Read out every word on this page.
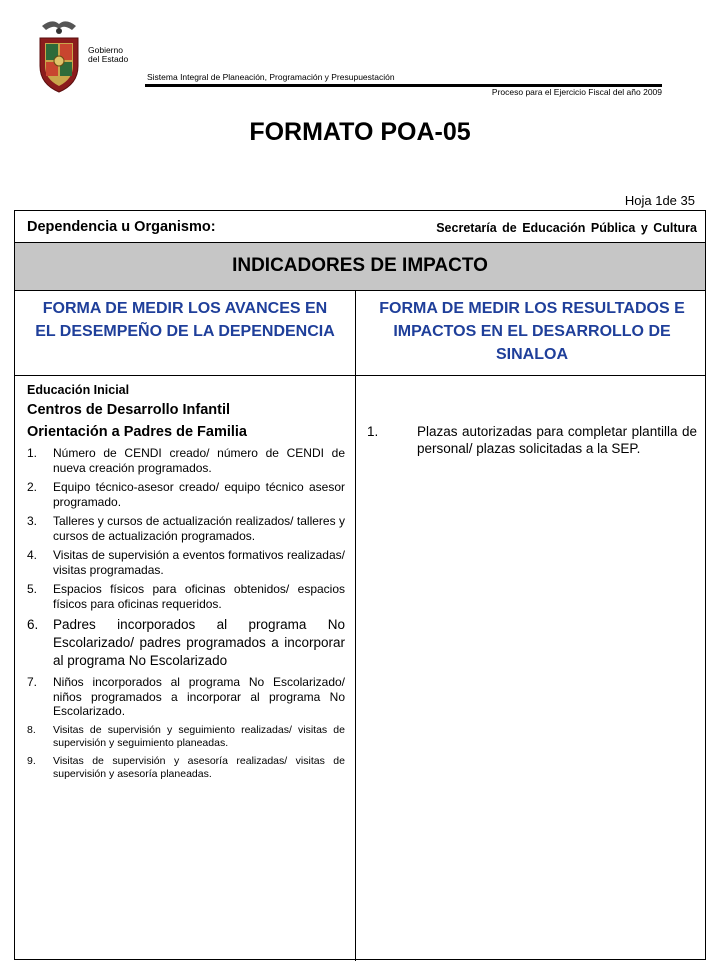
Gobierno
del Estado
Sistema Integral de Planeación, Programación y Presupuestación
Proceso para el Ejercicio Fiscal del año 2009
FORMATO POA-05
Hoja 1de 35
Dependencia u Organismo:	Secretaría de Educación Pública y Cultura
INDICADORES DE IMPACTO
FORMA DE MEDIR LOS AVANCES EN EL DESEMPEÑO DE LA DEPENDENCIA
FORMA DE MEDIR LOS RESULTADOS E IMPACTOS EN EL DESARROLLO DE SINALOA
Educación Inicial
Centros de Desarrollo Infantil
Orientación a Padres de Familia
1.	Número de CENDI creado/ número de CENDI de nueva creación programados.
2.	Equipo técnico-asesor creado/ equipo técnico asesor programado.
3.	Talleres y cursos de actualización realizados/ talleres y cursos de actualización programados.
4.	Visitas de supervisión a eventos formativos realizadas/ visitas programadas.
5.	Espacios físicos para oficinas obtenidos/ espacios físicos para oficinas requeridos.
6.	Padres incorporados al programa No Escolarizado/ padres programados a incorporar al programa No Escolarizado
7.	Niños incorporados al programa No Escolarizado/ niños programados a incorporar al programa No Escolarizado.
8.	Visitas de supervisión y seguimiento realizadas/ visitas de supervisión y seguimiento planeadas.
9.	Visitas de supervisión y asesoría realizadas/ visitas de supervisión y asesoría planeadas.
1.	Plazas autorizadas para completar plantilla de personal/ plazas solicitadas a la SEP.
